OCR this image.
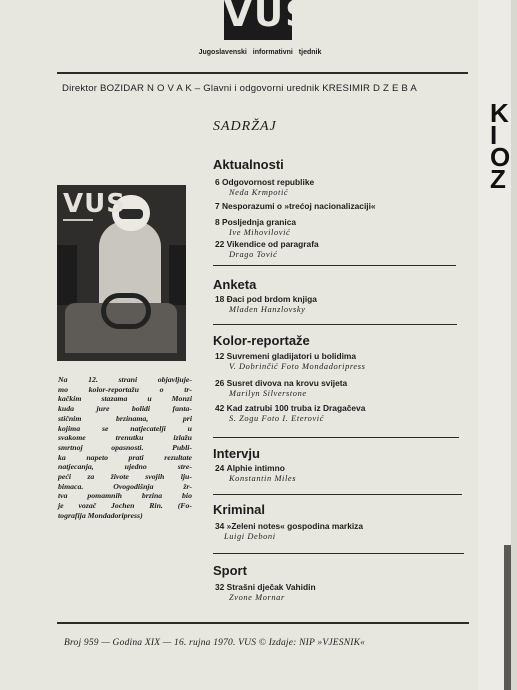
VUS
Jugoslavenski informativni tjednik
Direktor BOZIDAR N O V A K – Glavni i odgovorni urednik KRESIMIR D Z E B A
SADRŽAJ
Aktualnosti
6 Odgovornost republike
Neda Krmpotić
7 Nesporazumi o »trećoj nacionalizaciji«
8 Posljednja granica
Ive Mihovilović
22 Vikendice od paragrafa
Drago Tović
Anketa
18 Đaci pod brdom knjiga
Mladen Hanzlovsky
Kolor-reportaže
12 Suvremeni gladijatori u bolidima
V. Dobrinčić Foto Mondadoripress
26 Susret divova na krovu svijeta
Marilyn Silverstone
42 Kad zatrubi 100 truba iz Dragačeva
S. Zogu Foto I. Eterović
Intervju
24 Alphie intimno
Konstantin Miles
Kriminal
34 »Zeleni notes« gospodina markiza
Luigi Deboni
Sport
32 Strašni dječak Vahidin
Zvone Mornar
VUS
Na 12. strani objavljuje-
mo kolor-reportažu o tr-
kačkim stazama u Monzi
kuda jure bolidi fanta-
stičnim brzinama, pri
kojima se natjecatelji u
svakome trenutku izlažu
smrtnoj opasnosti. Publi-
ka napeto prati rezultate
natjecanja, ujedno stre-
peći za živote svojih lju-
bimaca. Ovogodišnja žr-
tva pomamnih brzina bio
je vozač Jochen Rin. (Fo-
tografija Mondadoripress)
Broj 959 — Godina XIX — 16. rujna 1970. VUS © Izdaje: NIP »VJESNIK«
K
I
O
Z
